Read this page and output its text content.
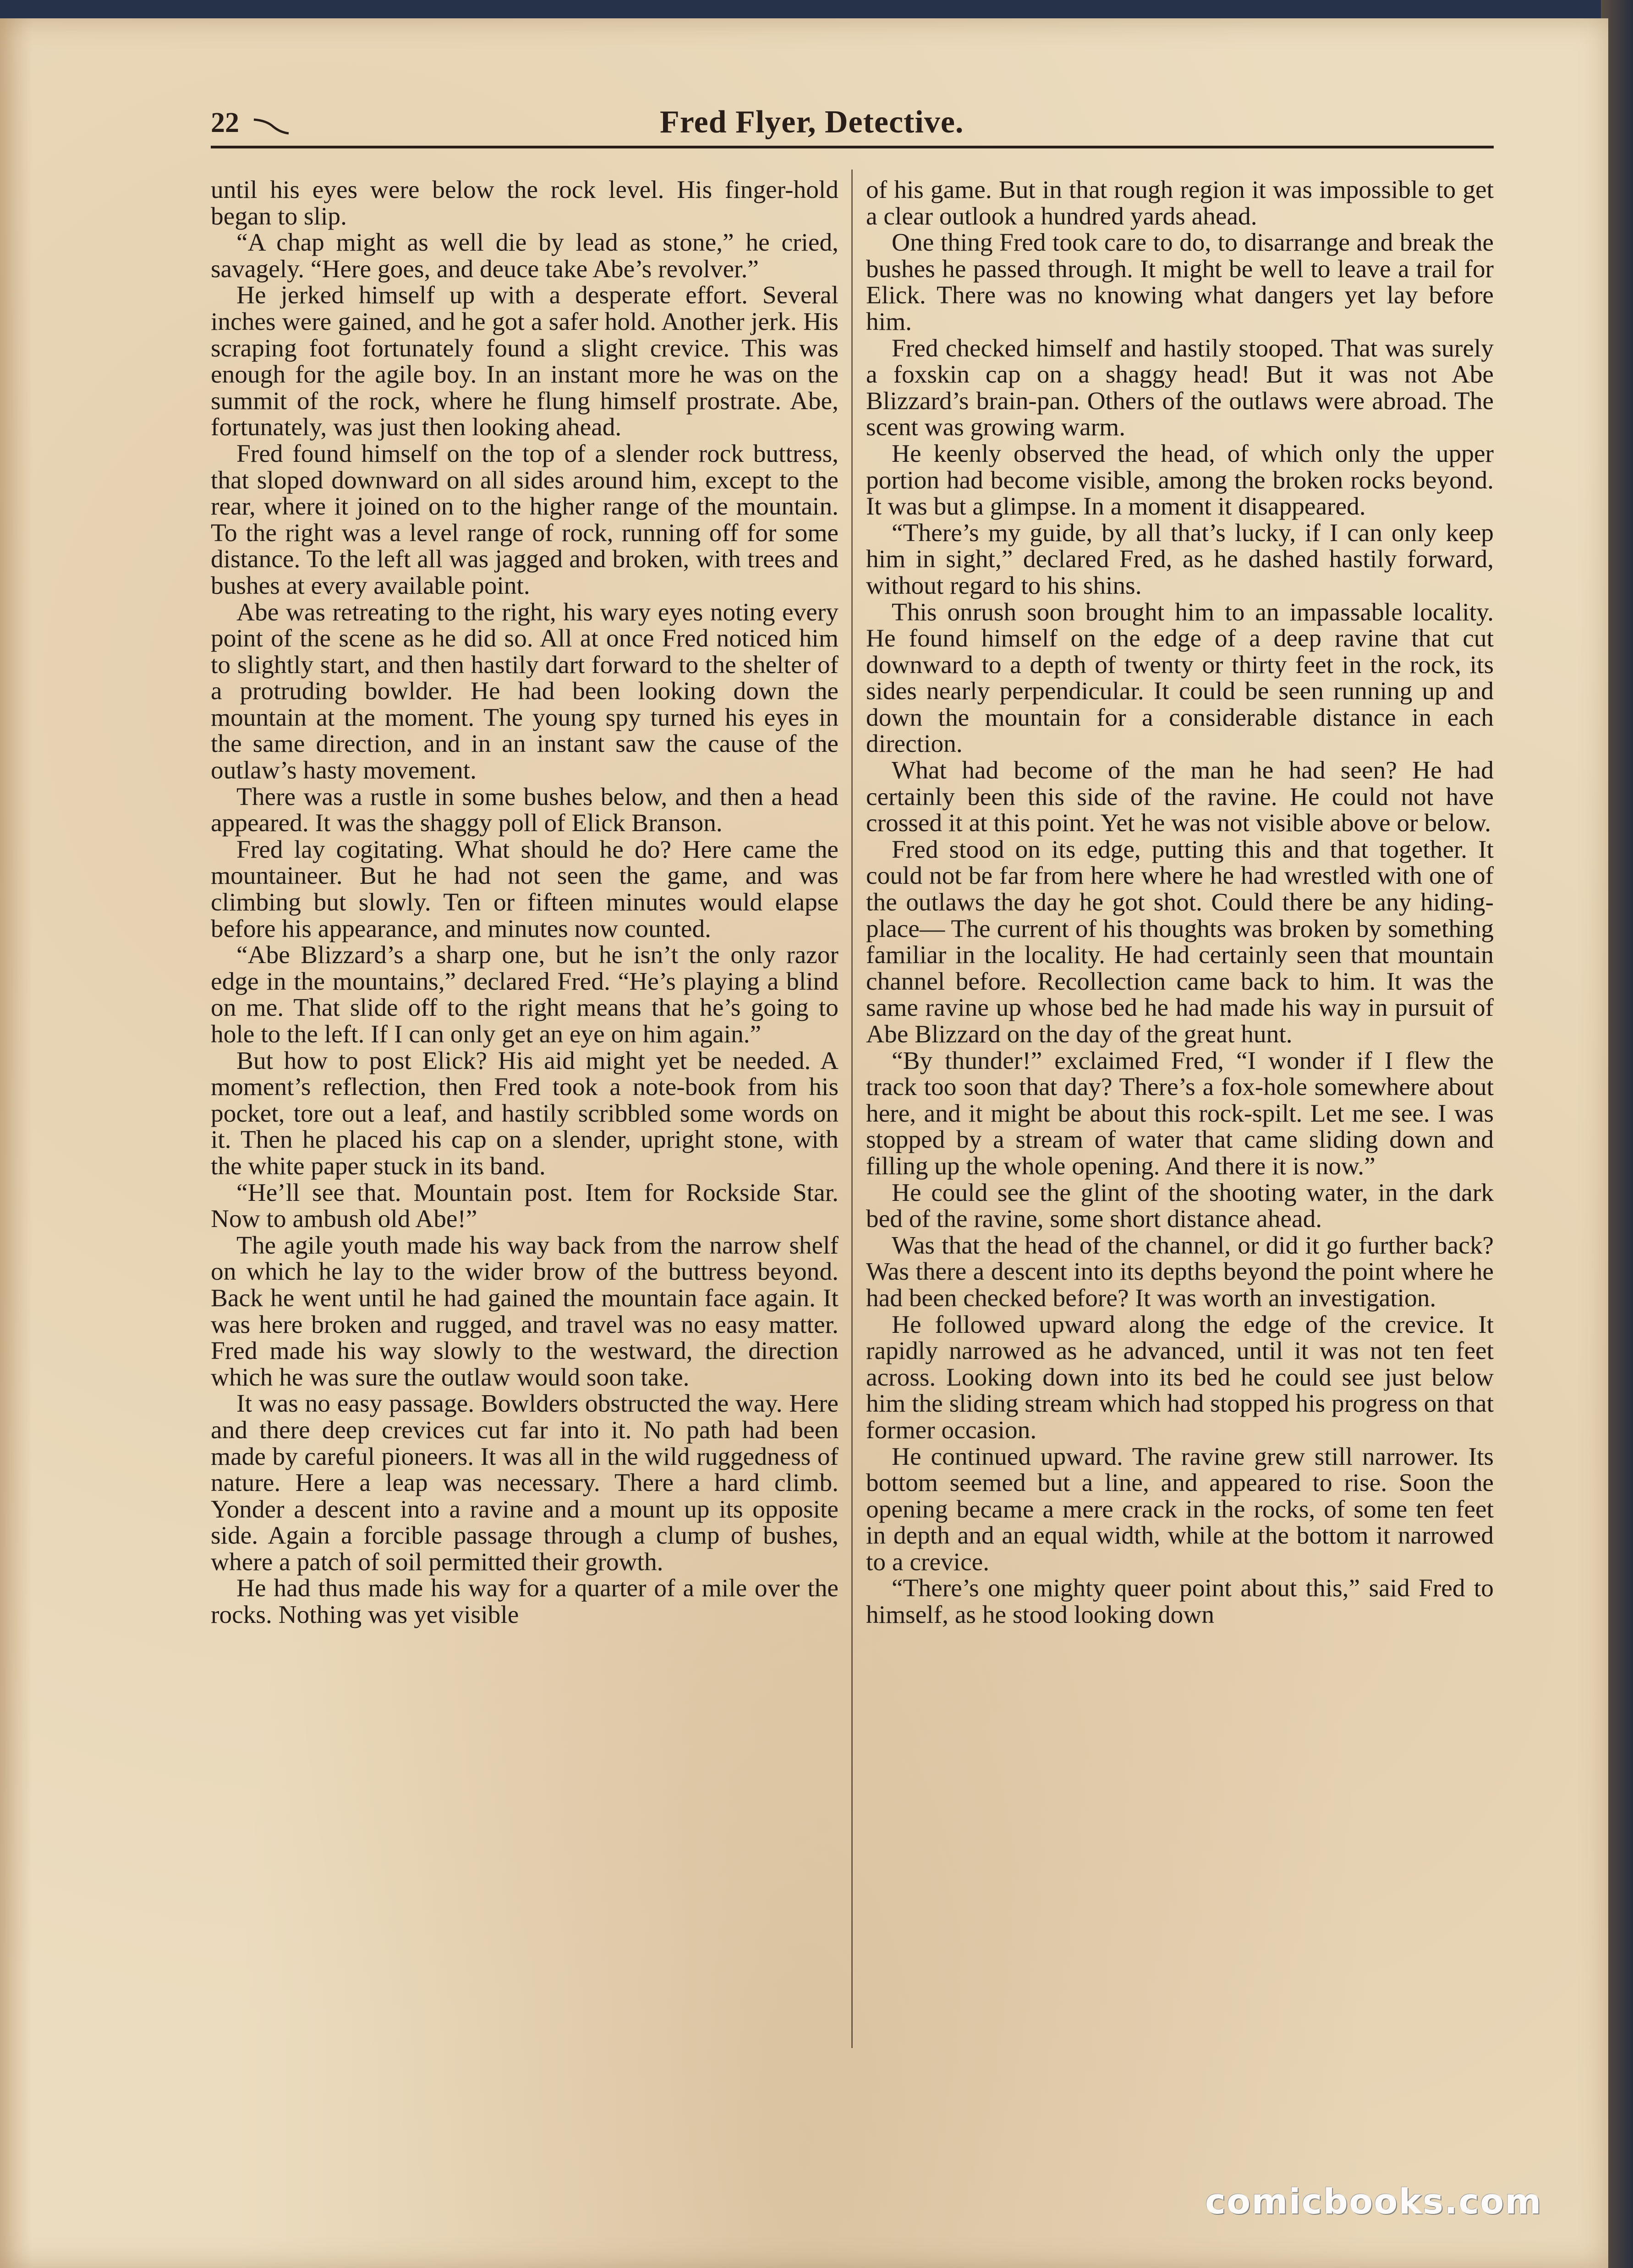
22	Fred Flyer, Detective.

until his eyes were below the rock level. His finger-hold began to slip.

“A chap might as well die by lead as stone,” he cried, savagely. “Here goes, and deuce take Abe’s revolver.”

He jerked himself up with a desperate effort. Several inches were gained, and he got a safer hold. Another jerk. His scraping foot fortunately found a slight crevice. This was enough for the agile boy. In an instant more he was on the summit of the rock, where he flung himself prostrate. Abe, fortunately, was just then looking ahead.

Fred found himself on the top of a slender rock buttress, that sloped downward on all sides around him, except to the rear, where it joined on to the higher range of the mountain. To the right was a level range of rock, running off for some distance. To the left all was jagged and broken, with trees and bushes at every available point.

Abe was retreating to the right, his wary eyes noting every point of the scene as he did so. All at once Fred noticed him to slightly start, and then hastily dart forward to the shelter of a protruding bowlder. He had been looking down the mountain at the moment. The young spy turned his eyes in the same direction, and in an instant saw the cause of the outlaw’s hasty movement.

There was a rustle in some bushes below, and then a head appeared. It was the shaggy poll of Elick Branson.

Fred lay cogitating. What should he do? Here came the mountaineer. But he had not seen the game, and was climbing but slowly. Ten or fifteen minutes would elapse before his appearance, and minutes now counted.

“Abe Blizzard’s a sharp one, but he isn’t the only razor edge in the mountains,” declared Fred. “He’s playing a blind on me. That slide off to the right means that he’s going to hole to the left. If I can only get an eye on him again.”

But how to post Elick? His aid might yet be needed. A moment’s reflection, then Fred took a note-book from his pocket, tore out a leaf, and hastily scribbled some words on it. Then he placed his cap on a slender, upright stone, with the white paper stuck in its band.

“He’ll see that. Mountain post. Item for Rockside Star. Now to ambush old Abe!”

The agile youth made his way back from the narrow shelf on which he lay to the wider brow of the buttress beyond. Back he went until he had gained the mountain face again. It was here broken and rugged, and travel was no easy matter. Fred made his way slowly to the westward, the direction which he was sure the outlaw would soon take.

It was no easy passage. Bowlders obstructed the way. Here and there deep crevices cut far into it. No path had been made by careful pioneers. It was all in the wild ruggedness of nature. Here a leap was necessary. There a hard climb. Yonder a descent into a ravine and a mount up its opposite side. Again a forcible passage through a clump of bushes, where a patch of soil permitted their growth.

He had thus made his way for a quarter of a mile over the rocks. Nothing was yet visible

of his game. But in that rough region it was impossible to get a clear outlook a hundred yards ahead.

One thing Fred took care to do, to disarrange and break the bushes he passed through. It might be well to leave a trail for Elick. There was no knowing what dangers yet lay before him.

Fred checked himself and hastily stooped. That was surely a foxskin cap on a shaggy head! But it was not Abe Blizzard’s brain-pan. Others of the outlaws were abroad. The scent was growing warm.

He keenly observed the head, of which only the upper portion had become visible, among the broken rocks beyond. It was but a glimpse. In a moment it disappeared.

“There’s my guide, by all that’s lucky, if I can only keep him in sight,” declared Fred, as he dashed hastily forward, without regard to his shins.

This onrush soon brought him to an impassable locality. He found himself on the edge of a deep ravine that cut downward to a depth of twenty or thirty feet in the rock, its sides nearly perpendicular. It could be seen running up and down the mountain for a considerable distance in each direction.

What had become of the man he had seen? He had certainly been this side of the ravine. He could not have crossed it at this point. Yet he was not visible above or below.

Fred stood on its edge, putting this and that together. It could not be far from here where he had wrestled with one of the outlaws the day he got shot. Could there be any hiding-place— The current of his thoughts was broken by something familiar in the locality. He had certainly seen that mountain channel before. Recollection came back to him. It was the same ravine up whose bed he had made his way in pursuit of Abe Blizzard on the day of the great hunt.

“By thunder!” exclaimed Fred, “I wonder if I flew the track too soon that day? There’s a fox-hole somewhere about here, and it might be about this rock-spilt. Let me see. I was stopped by a stream of water that came sliding down and filling up the whole opening. And there it is now.”

He could see the glint of the shooting water, in the dark bed of the ravine, some short distance ahead.

Was that the head of the channel, or did it go further back? Was there a descent into its depths beyond the point where he had been checked before? It was worth an investigation.

He followed upward along the edge of the crevice. It rapidly narrowed as he advanced, until it was not ten feet across. Looking down into its bed he could see just below him the sliding stream which had stopped his progress on that former occasion.

He continued upward. The ravine grew still narrower. Its bottom seemed but a line, and appeared to rise. Soon the opening became a mere crack in the rocks, of some ten feet in depth and an equal width, while at the bottom it narrowed to a crevice.

“There’s one mighty queer point about this,” said Fred to himself, as he stood looking down

comicbooks.com
